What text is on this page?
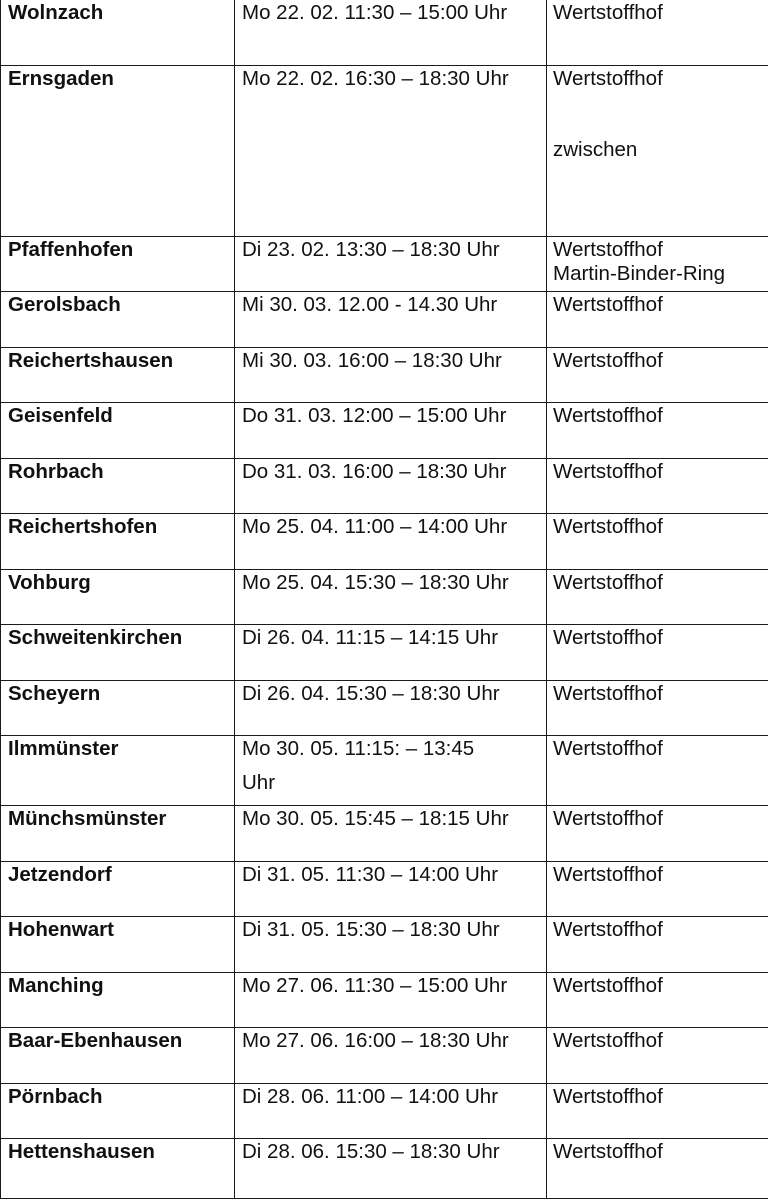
Wolnzach	Mo 22. 02. 11:30 – 15:00 Uhr	Wertstoffhof

Ernsgaden	Mo 22. 02. 16:30 – 18:30 Uhr	Wertstoffhof
zwischen

Pfaffenhofen	Di 23. 02. 13:30 – 18:30 Uhr	Wertstoffhof
Martin-Binder-Ring

Gerolsbach	Mi 30. 03. 12.00 - 14.30 Uhr	Wertstoffhof

Reichertshausen	Mi 30. 03. 16:00 – 18:30 Uhr	Wertstoffhof

Geisenfeld	Do 31. 03. 12:00 – 15:00 Uhr	Wertstoffhof

Rohrbach	Do 31. 03. 16:00 – 18:30 Uhr	Wertstoffhof

Reichertshofen	Mo 25. 04. 11:00 – 14:00 Uhr	Wertstoffhof

Vohburg	Mo 25. 04. 15:30 – 18:30 Uhr	Wertstoffhof

Schweitenkirchen	Di 26. 04. 11:15 – 14:15 Uhr	Wertstoffhof

Scheyern	Di 26. 04. 15:30 – 18:30 Uhr	Wertstoffhof

Ilmmünster	Mo 30. 05. 11:15: – 13:45
Uhr	Wertstoffhof

Münchsmünster	Mo 30. 05. 15:45 – 18:15 Uhr	Wertstoffhof

Jetzendorf	Di 31. 05. 11:30 – 14:00 Uhr	Wertstoffhof

Hohenwart	Di 31. 05. 15:30 – 18:30 Uhr	Wertstoffhof

Manching	Mo 27. 06. 11:30 – 15:00 Uhr	Wertstoffhof

Baar-Ebenhausen	Mo 27. 06. 16:00 – 18:30 Uhr	Wertstoffhof

Pörnbach	Di 28. 06. 11:00 – 14:00 Uhr	Wertstoffhof

Hettenshausen	Di 28. 06. 15:30 – 18:30 Uhr	Wertstoffhof
